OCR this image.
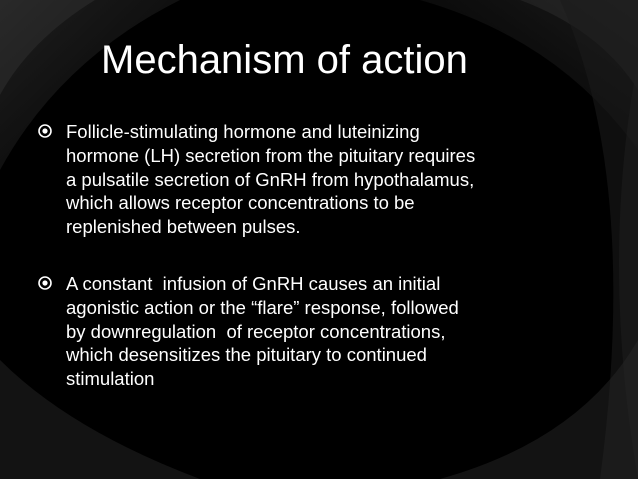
Mechanism of action
Follicle-stimulating hormone and luteinizing
hormone (LH) secretion from the pituitary requires
a pulsatile secretion of GnRH from hypothalamus,
which allows receptor concentrations to be
replenished between pulses.
A constant  infusion of GnRH causes an initial
agonistic action or the “flare” response, followed
by downregulation  of receptor concentrations,
which desensitizes the pituitary to continued
stimulation
